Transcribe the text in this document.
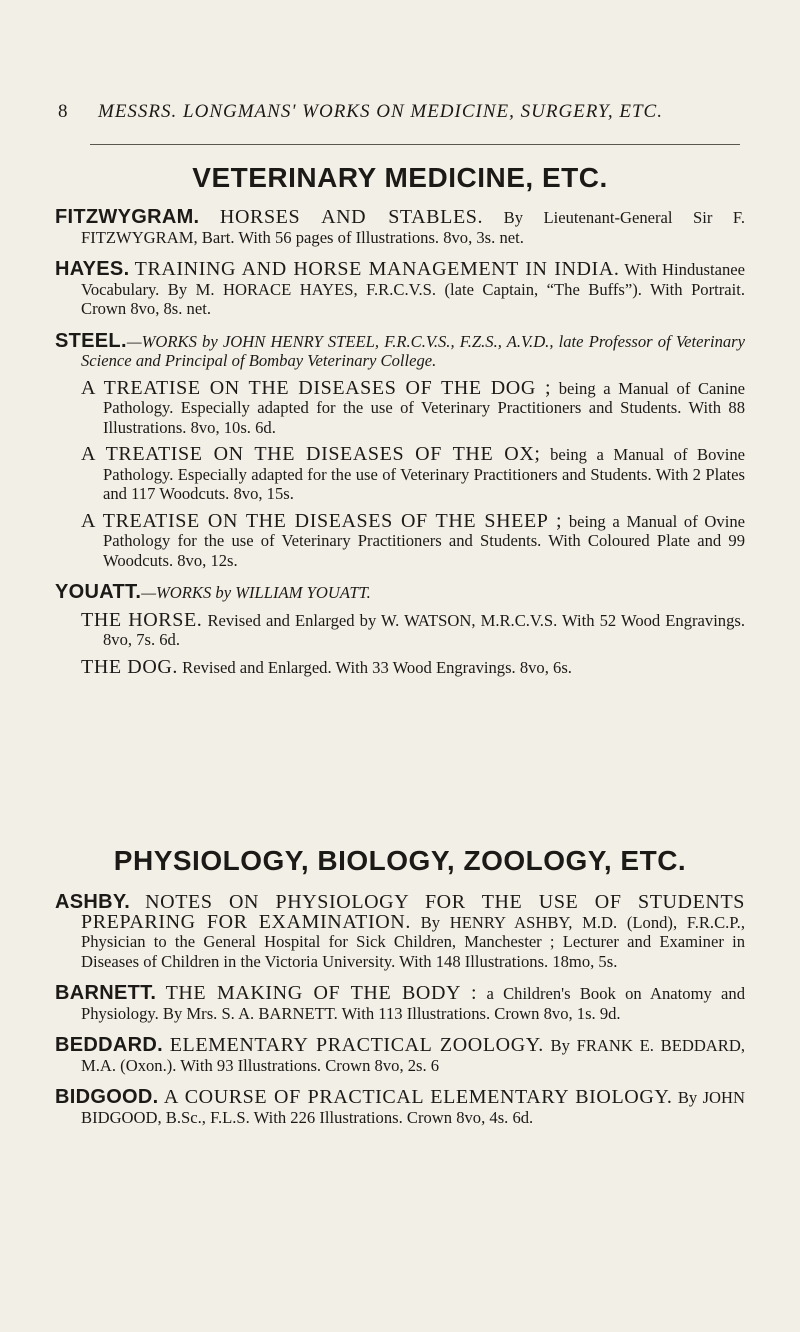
8 MESSRS. LONGMANS' WORKS ON MEDICINE, SURGERY, ETC.
VETERINARY MEDICINE, ETC.

FITZWYGRAM. HORSES AND STABLES. By Lieutenant-General Sir F. FITZWYGRAM, Bart. With 56 pages of Illustrations. 8vo, 3s. net.

HAYES. TRAINING AND HORSE MANAGEMENT IN INDIA. With Hindustanee Vocabulary. By M. HORACE HAYES, F.R.C.V.S. (late Captain, “The Buffs”). With Portrait. Crown 8vo, 8s. net.

STEEL.—WORKS by JOHN HENRY STEEL, F.R.C.V.S., F.Z.S., A.V.D., late Professor of Veterinary Science and Principal of Bombay Veterinary College.

A TREATISE ON THE DISEASES OF THE DOG ; being a Manual of Canine Pathology. Especially adapted for the use of Veterinary Practitioners and Students. With 88 Illustrations. 8vo, 10s. 6d.

A TREATISE ON THE DISEASES OF THE OX; being a Manual of Bovine Pathology. Especially adapted for the use of Veterinary Practitioners and Students. With 2 Plates and 117 Woodcuts. 8vo, 15s.

A TREATISE ON THE DISEASES OF THE SHEEP ; being a Manual of Ovine Pathology for the use of Veterinary Practitioners and Students. With Coloured Plate and 99 Woodcuts. 8vo, 12s.

YOUATT.—WORKS by WILLIAM YOUATT.

THE HORSE. Revised and Enlarged by W. WATSON, M.R.C.V.S. With 52 Wood Engravings. 8vo, 7s. 6d.

THE DOG. Revised and Enlarged. With 33 Wood Engravings. 8vo, 6s.

PHYSIOLOGY, BIOLOGY, ZOOLOGY, ETC.

ASHBY. NOTES ON PHYSIOLOGY FOR THE USE OF STUDENTS PREPARING FOR EXAMINATION. By HENRY ASHBY, M.D. (Lond), F.R.C.P., Physician to the General Hospital for Sick Children, Manchester ; Lecturer and Examiner in Diseases of Children in the Victoria University. With 148 Illustrations. 18mo, 5s.

BARNETT. THE MAKING OF THE BODY : a Children's Book on Anatomy and Physiology. By Mrs. S. A. BARNETT. With 113 Illustrations. Crown 8vo, 1s. 9d.

BEDDARD. ELEMENTARY PRACTICAL ZOOLOGY. By FRANK E. BEDDARD, M.A. (Oxon.). With 93 Illustrations. Crown 8vo, 2s. 6

BIDGOOD. A COURSE OF PRACTICAL ELEMENTARY BIOLOGY. By JOHN BIDGOOD, B.Sc., F.L.S. With 226 Illustrations. Crown 8vo, 4s. 6d.
